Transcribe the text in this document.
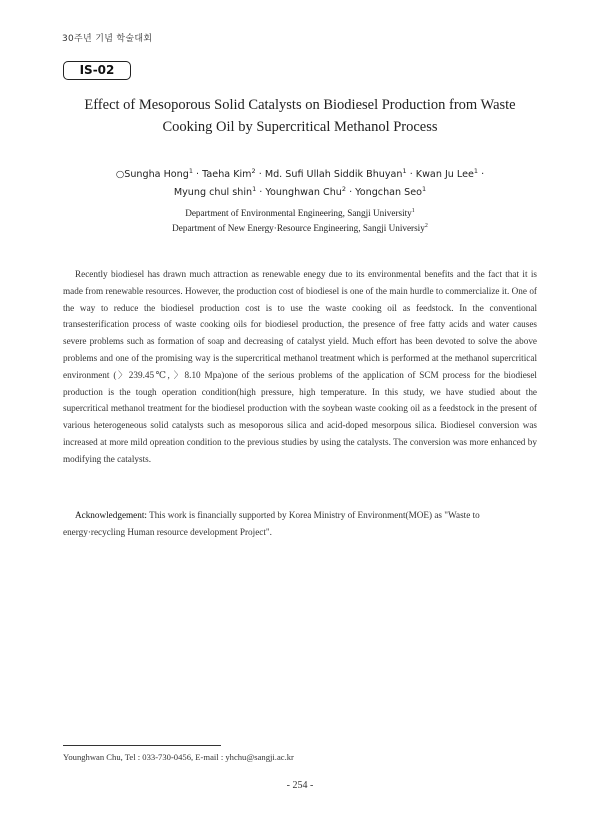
30주년 기념 학술대회
IS-02
Effect of Mesoporous Solid Catalysts on Biodiesel Production from Waste
Cooking Oil by Supercritical Methanol Process
○Sungha Hong$^1$ · Taeha Kim$^2$ · Md. Sufi Ullah Siddik Bhuyan$^1$ · Kwan Ju Lee$^1$ ·
Myung chul shin$^1$ · Younghwan Chu$^2$ · Yongchan Seo$^1$
Department of Environmental Engineering, Sangji University$^1$
Department of New Energy·Resource Engineering, Sangji Universiy$^2$
Recently biodiesel has drawn much attraction as renewable enegy due to its environmental benefits and the fact that it is made from renewable resources. However, the production cost of biodiesel is one of the main hurdle to commercialize it. One of the way to reduce the biodiesel production cost is to use the waste cooking oil as feedstock. In the conventional transesterification process of waste cooking oils for biodiesel production, the presence of free fatty acids and water causes severe problems such as formation of soap and decreasing of catalyst yield. Much effort has been devoted to solve the above problems and one of the promising way is the supercritical methanol treatment which is performed at the methanol supercritical environment (〉239.45℃, 〉8.10 Mpa)one of the serious problems of the application of SCM process for the biodiesel production is the tough operation condition(high pressure, high temperature. In this study, we have studied about the supercritical methanol treatment for the biodiesel production with the soybean waste cooking oil as a feedstock in the present of various heterogeneous solid catalysts such as mesoporous silica and acid-doped mesorpous silica. Biodiesel conversion was increased at more mild opreation condition to the previous studies by using the catalysts. The conversion was more enhanced by modifying the catalysts.
Acknowledgement: This work is financially supported by Korea Ministry of Environment(MOE) as "Waste to energy·recycling Human resource development Project".
Younghwan Chu, Tel : 033-730-0456, E-mail : yhchu@sangji.ac.kr
- 254 -
